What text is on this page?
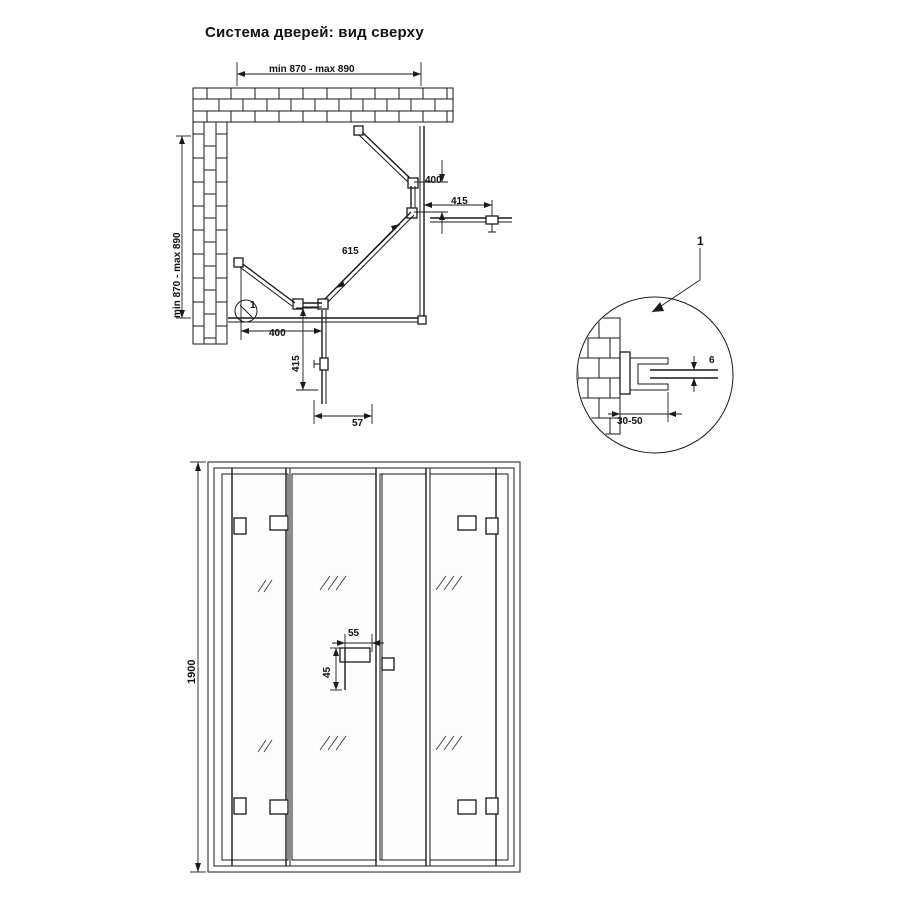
Система дверей: вид сверху
min 870 - max 890
min 870 - max 890
400
415
615
400
415
57
1
1
6
30-50
1900
55
45
